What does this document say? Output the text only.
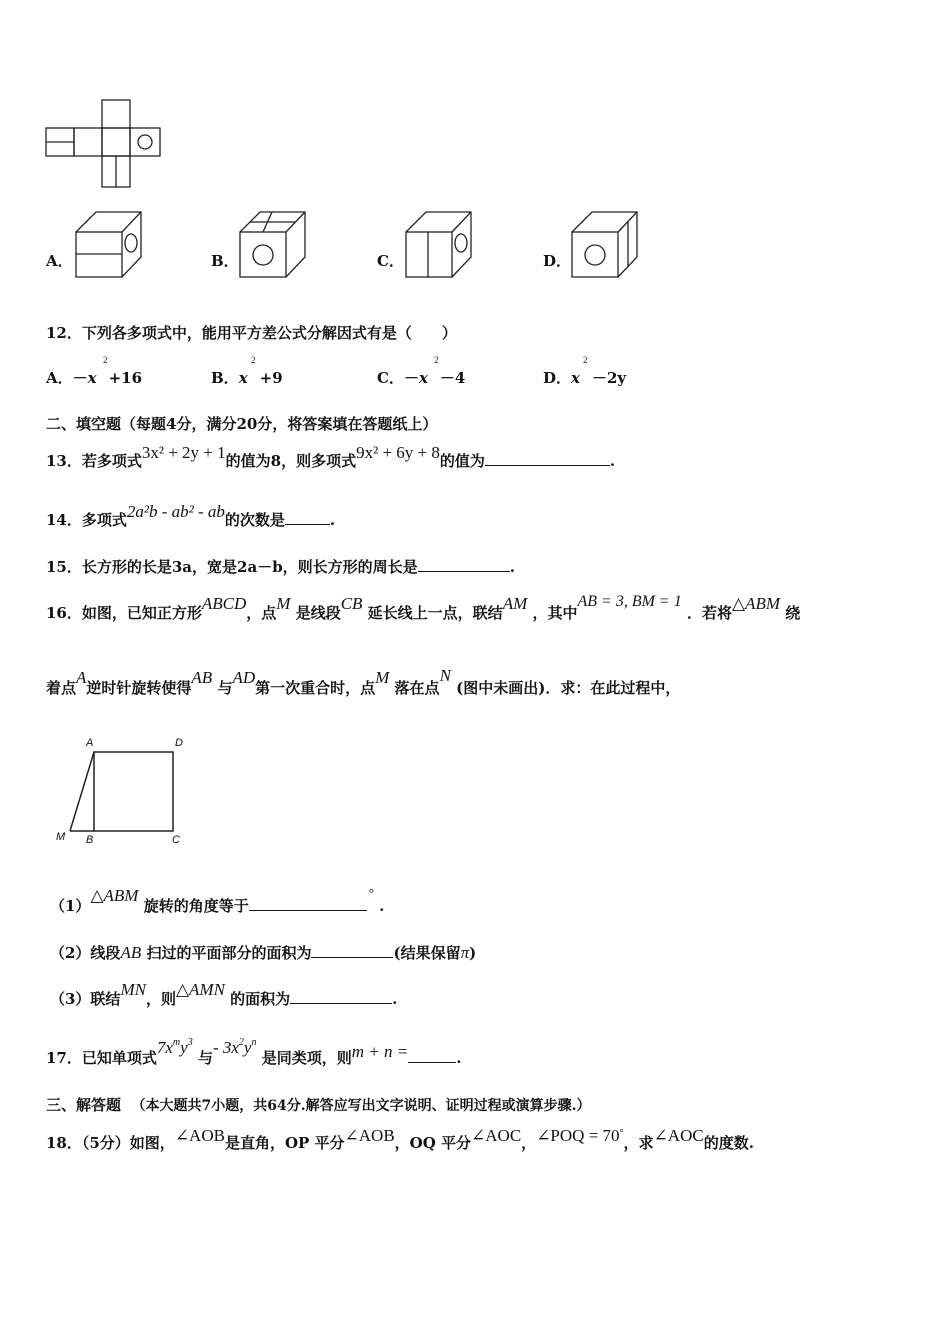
A．	B．	C．	D．
12．下列各多项式中，能用平方差公式分解因式有是（　　）
A．－x
2
+16	B．x
2
+9	C．－x
2
－4	D．x
2
－2y
二、填空题（每题4分，满分20分，将答案填在答题纸上）
13．若多项式3x² + 2y + 1的值为8，则多项式9x² + 6y + 8的值为	.
14．多项式2a²b - ab² - ab的次数是	.
15．长方形的长是3a，宽是2a－b，则长方形的周长是	.
16．如图，已知正方形ABCD，点M 是线段CB 延长线上一点，联结AM ，其中AB = 3, BM = 1 ．若将△ABM 绕
着点A逆时针旋转使得AB 与AD第一次重合时，点M 落在点N (图中未画出)．求：在此过程中，
A	D
M B	C
（1）△ABM 旋转的角度等于° .
（2）线段AB 扫过的平面部分的面积为	(结果保留π)
（3）联结MN，则△AMN 的面积为	.
17．已知单项式$7x^my^3$ 与- $3x^2y^n$ 是同类项，则m + n =	.
三、解答题 （本大题共7小题，共64分.解答应写出文字说明、证明过程或演算步骤.）
18．（5分）如图，∠AOB是直角，OP 平分∠AOB，OQ 平分∠AOC，∠POQ = 70°，求∠AOC的度数.
